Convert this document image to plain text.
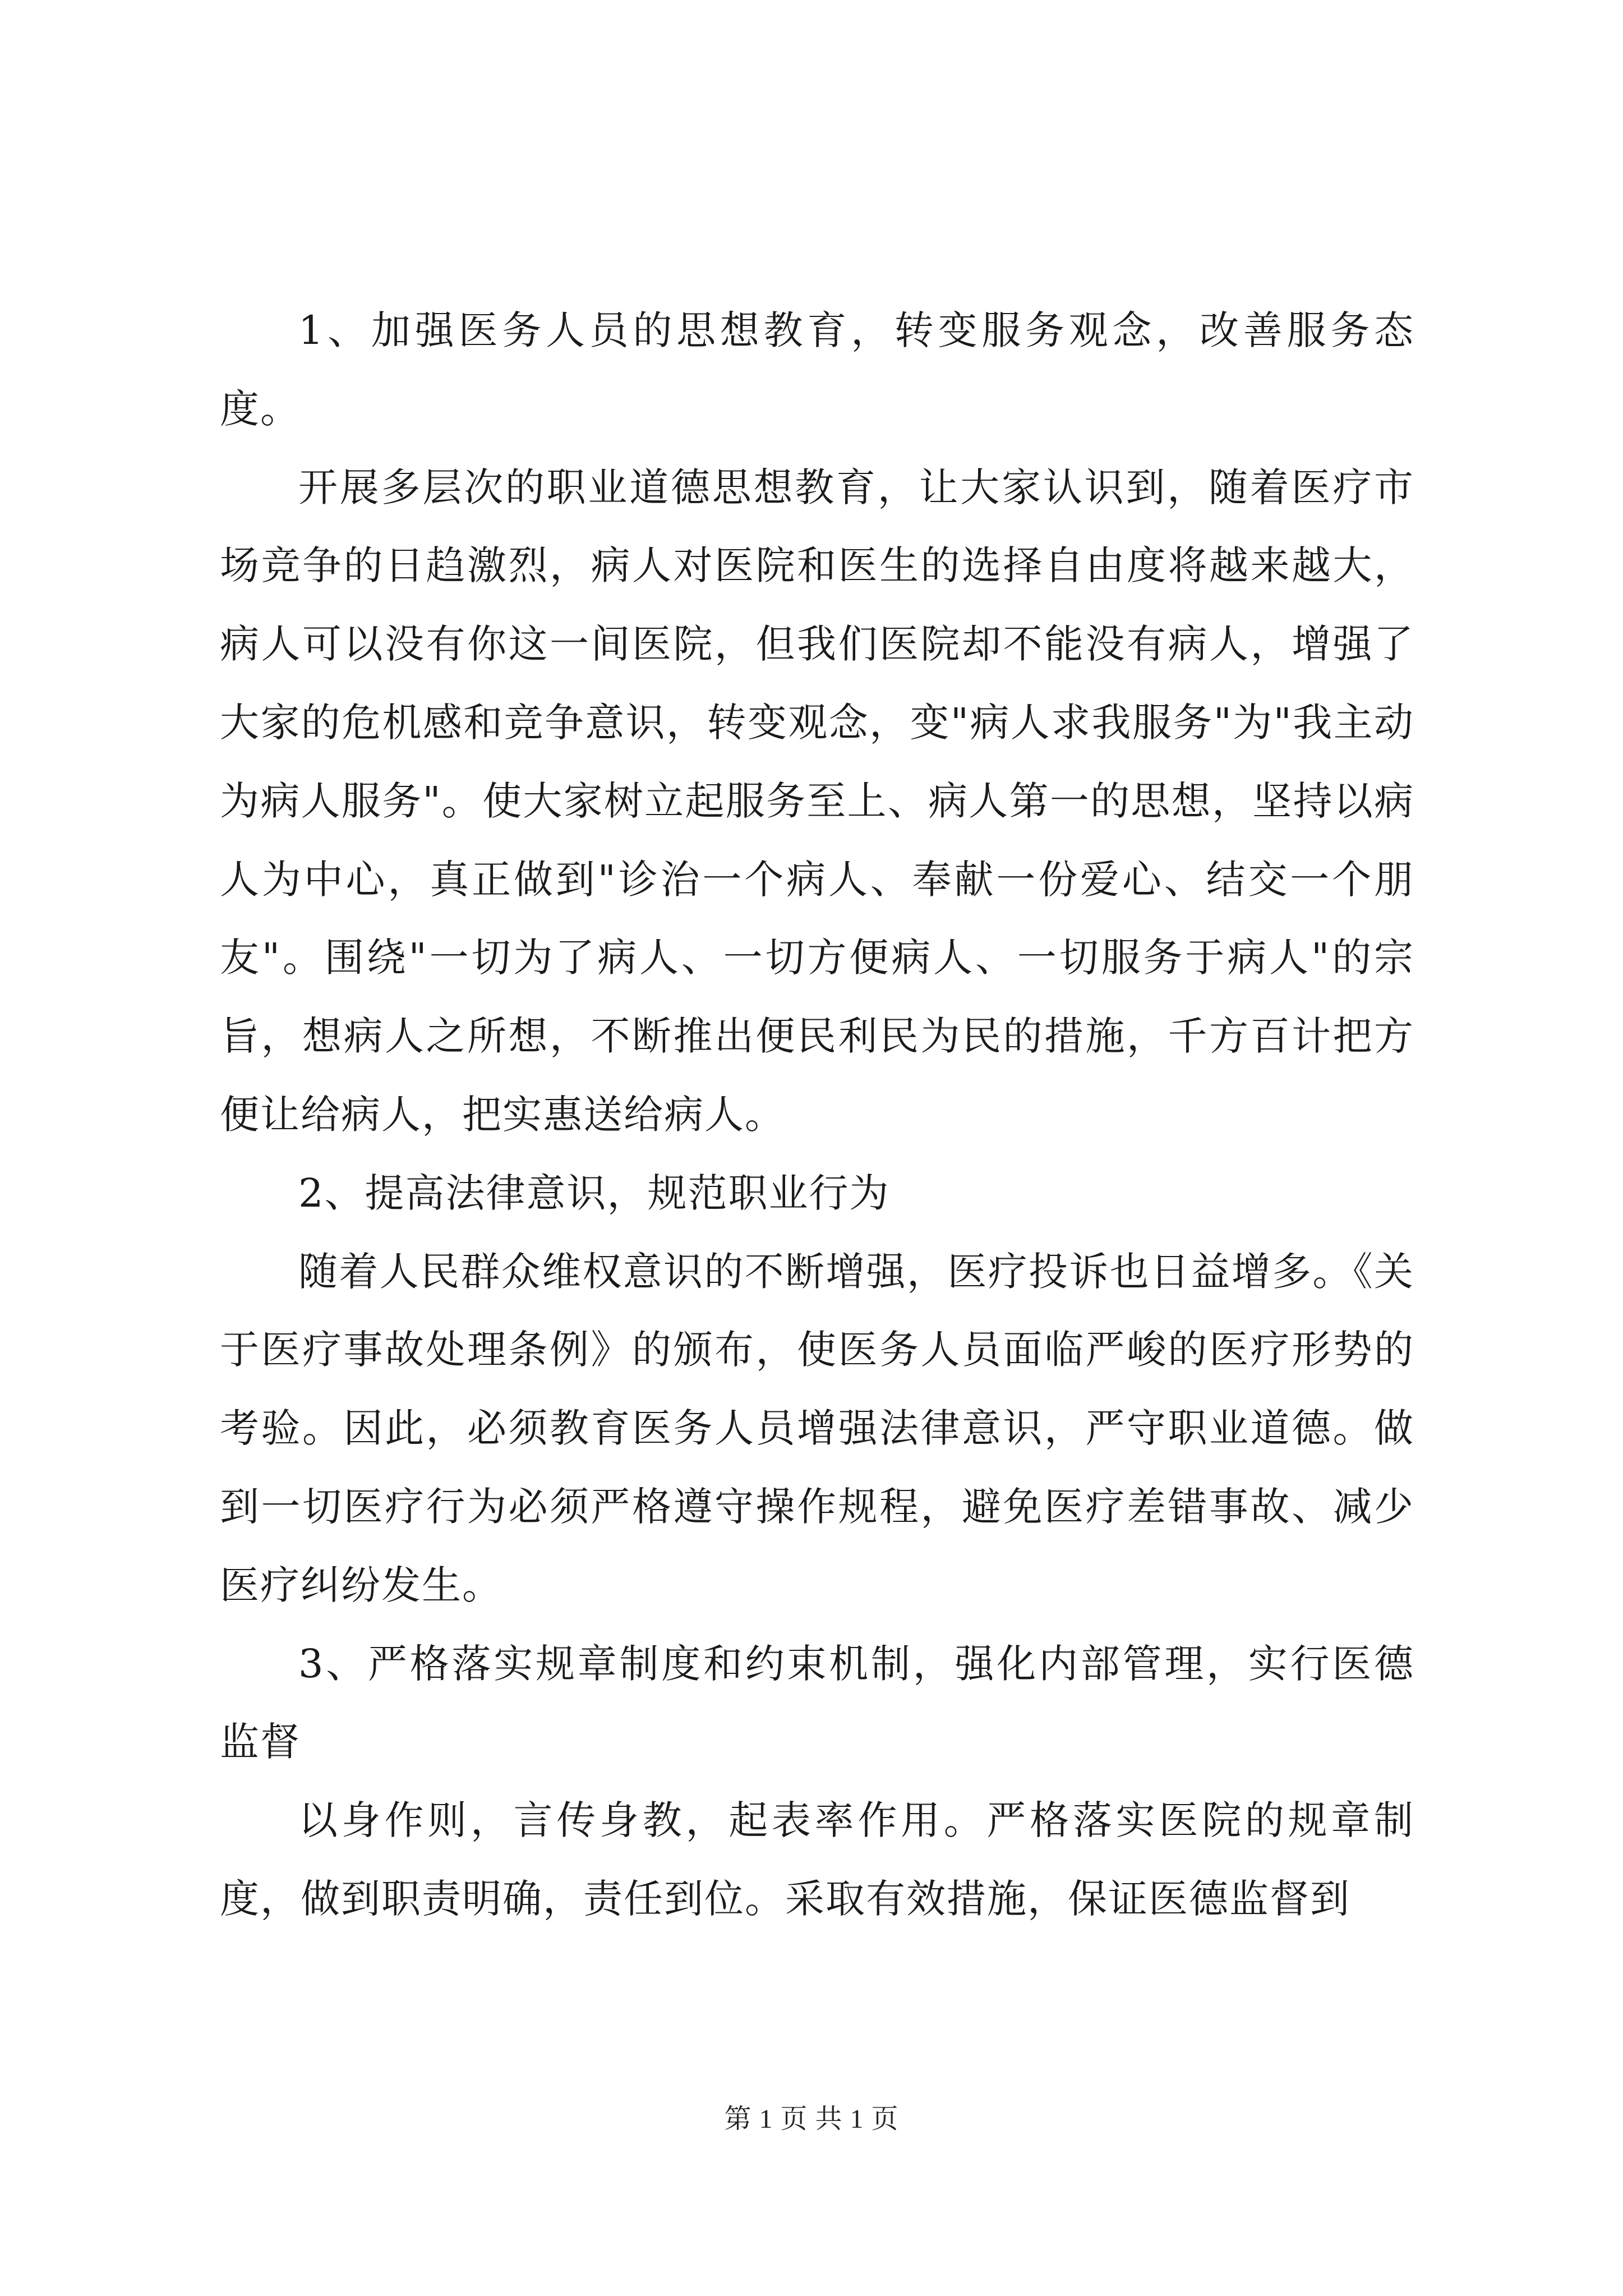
1、加强医务人员的思想教育，转变服务观念，改善服务态度。

开展多层次的职业道德思想教育，让大家认识到，随着医疗市场竞争的日趋激烈，病人对医院和医生的选择自由度将越来越大，病人可以没有你这一间医院，但我们医院却不能没有病人，增强了大家的危机感和竞争意识，转变观念，变"病人求我服务"为"我主动为病人服务"。使大家树立起服务至上、病人第一的思想，坚持以病人为中心，真正做到"诊治一个病人、奉献一份爱心、结交一个朋友"。围绕"一切为了病人、一切方便病人、一切服务于病人"的宗旨，想病人之所想，不断推出便民利民为民的措施，千方百计把方便让给病人，把实惠送给病人。

2、提高法律意识，规范职业行为

随着人民群众维权意识的不断增强，医疗投诉也日益增多。《关于医疗事故处理条例》的颁布，使医务人员面临严峻的医疗形势的考验。因此，必须教育医务人员增强法律意识，严守职业道德。做到一切医疗行为必须严格遵守操作规程，避免医疗差错事故、减少医疗纠纷发生。

3、严格落实规章制度和约束机制，强化内部管理，实行医德监督

以身作则，言传身教，起表率作用。严格落实医院的规章制度，做到职责明确，责任到位。采取有效措施，保证医德监督到

第 1 页 共 1 页
